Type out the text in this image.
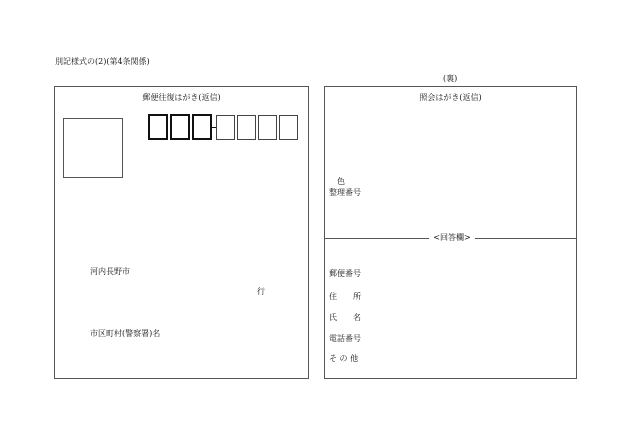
別記様式の(2)(第4条関係)
(裏)
郵便往復はがき(返信)
河内長野市
行
市区町村(警察署)名
照会はがき(返信)
色
整理番号
<回答欄>
郵便番号
住　　所
氏　　名
電話番号
そ の 他
